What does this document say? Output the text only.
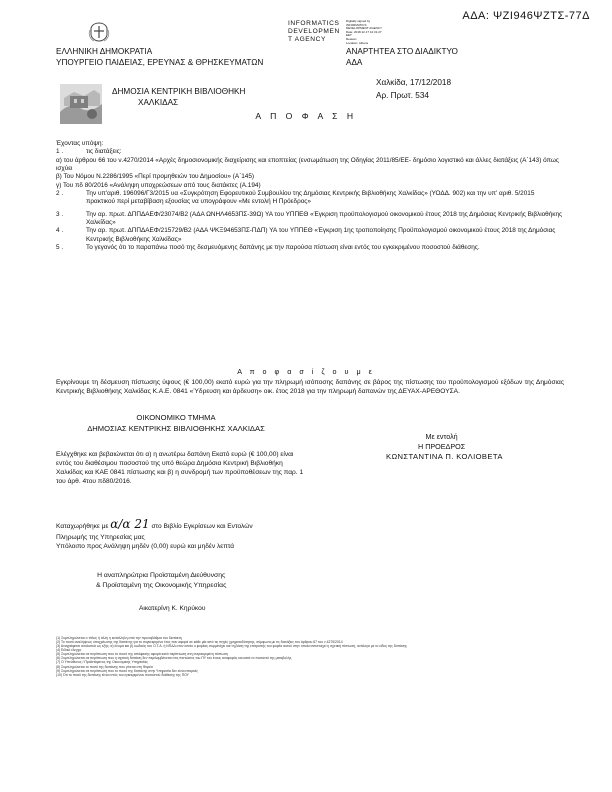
ΑΔΑ: ΨΖΙ946ΨΖΤΣ-77Δ
INFORMATICS
DEVELOPMEN
T AGENCY
Digitally signed by
INFORMATICS
DEVELOPMENT AGENCY
Date: 2018.12.17 12:31:27
EET
Reason:
Location: Athens
ΕΛΛΗΝΙΚΗ ΔΗΜΟΚΡΑΤΙΑ
ΥΠΟΥΡΓΕΙΟ ΠΑΙΔΕΙΑΣ, ΕΡΕΥΝΑΣ & ΘΡΗΣΚΕΥΜΑΤΩΝ
ΑΝΑΡΤΗΤΕΑ ΣΤΟ ΔΙΑΔΙΚΤΥΟ
ΑΔΑ
ΔΗΜΟΣΙΑ ΚΕΝΤΡΙΚΗ ΒΙΒΛΙΟΘΗΚΗ
ΧΑΛΚΙΔΑΣ
Χαλκίδα, 17/12/2018
Αρ. Πρωτ. 534
Α Π Ο Φ Α Σ Η

Έχοντας υπόψη:

1 .	τις διατάξεις:

α) του άρθρου 66 του ν.4270/2014 «Αρχές δημοσιονομικής διαχείρισης και εποπτείας (ενσωμάτωση της Οδηγίας 2011/85/ΕΕ- δημόσιο λογιστικό και άλλες διατάξεις (Α΄143) όπως ισχύει

β) Του Νόμου Ν.2286/1995 «Περί προμηθειών του Δημοσίου» (Α΄145)

γ) Του πδ 80/2016 «Ανάληψη υποχρεώσεων από τους διατάκτες (Α.194)

2 .	Την υπ'αριθ. 196096/Γ3/2015 υα «Συγκρότηση Εφορευτικού Συμβουλίου της Δημόσιας Κεντρικής Βιβλιοθήκης Χαλκίδας» (ΥΟΔΔ. 902) και την υπ' αριθ. 5/2015 πρακτικού περί μεταβίβαση εξουσίας να υπογράφουν «Με εντολή Η Πρόεδρος»
3 .	Την αρ. πρωτ. ΔΠΠΔΑΕΦ/23074/Β2 (ΑΔΑ ΩΝΗΛ4653ΠΣ-39Ω) ΥΑ του ΥΠΠΕΘ «Έγκριση προϋπολογισμού οικονομικού έτους 2018 της Δημόσιας Κεντρικής Βιβλιοθήκης Χαλκίδας»
4 .	Την αρ. πρωτ. ΔΠΠΔΑΕΦ/215729/Β2 (ΑΔΑ ΨΚΞ94653ΠΣ-ΠΔΠ) ΥΑ του ΥΠΠΕΘ «Έγκριση 1ης τροποποίησης Προϋπολογισμού οικονομικού έτους 2018 της Δημόσιας Κεντρικής Βιβλιοθήκης Χαλκίδας»
5 .	Το γεγονός ότι το παραπάνω ποσό της δεσμευόμενης δαπάνης με την παρούσα πίστωση είναι εντός του εγκεκριμένου ποσοστού διάθεσης.
Α π ο φ α σ ί ζ ο υ μ ε
Εγκρίνουμε τη δέσμευση πίστωσης ύψους (€ 100,00) εκατό ευρώ για την πληρωμή ισόποσης δαπάνης σε βάρος της πίστωσης του προϋπολογισμού εξόδων της Δημόσιας Κεντρικής Βιβλιοθήκης Χαλκίδας Κ.Α.Ε. 0841 «Ύδρευση και άρδευση» οικ. έτος 2018 για την πληρωμή δαπανών της ΔΕΥΑΧ-ΑΡΕΘΟΥΣΑ.
Με εντολή
Η ΠΡΟΕΔΡΟΣ
ΟΙΚΟΝΟΜΙΚΟ ΤΜΗΜΑ
ΔΗΜΟΣΙΑΣ ΚΕΝΤΡΙΚΗΣ ΒΙΒΛΙΟΘΗΚΗΣ ΧΑΛΚΙΔΑΣ
ΚΩΝΣΤΑΝΤΙΝΑ Π. ΚΟΛΙΟΒΕΤΑ
Ελέγχθηκε και βεβαιώνεται ότι α) η ανωτέρω δαπάνη Εκατό ευρώ (€ 100,00) είναι εντός του διαθέσιμου ποσοστού της υπό θεώρα Δημόσια Κεντρική Βιβλιοθήκη Χαλκίδας και ΚΑΕ 0841 πίστωσης και β) η συνδρομή των προϋποθέσεων της παρ. 1 του άρθ. 4του πδ80/2016.
Καταχωρήθηκε με α/α 21 στο Βιβλίο Εγκρίσεων και Εντολών
Πληρωμής της Υπηρεσίας μας
Υπόλοιπο προς Ανάληψη μηδέν (0,00) ευρώ και μηδέν λεπτά
Η αναπληρώτρια Προϊσταμένη Διεύθυνσης
& Προϊσταμένη της Οικονομικής Υπηρεσίας
Αικατερίνη Κ. Κηρύκου

(1) Συμπληρώνεται ο τίτλος ή άλλη η κατάλληλη από την πρωτοβάθμια του διατάκτη

(2) Το ποσό αναλήψεως υποχρέωσης της δαπάνης για το συγκεκριμένο έτος που αφορά σε κάθε μία από τις πηγές χρηματοδότησης, σύμφωνα με τις διατάξεις του άρθρου 67 του ν.4270/2014

(3) Αναγράφεται αναλυτικά ως εξής: α) όνομα και β) κωδικός του Ο.Τ.Α. ή ΝΠΔΔ στον οποίο ο φορέας συμμετέχει και τη βάση της επιτροπής του φορέα αυτού στην οποία αντιστοιχεί η σχετική πίστωση, ανάλογα με το είδος της δαπάνης

(4) Ειδικό έλεγχο

(5) Συμπληρώνεται σε περίπτωση που το ποσό της απόφασης αφορά κατά περίπτωση στη συγκεκριμένη πίστωση

(6) Συμπληρώνεται σε περίπτωση που η σχετική δαπάνη δεν περιλαμβάνεται στις πιστώσεις του ΠΥ του έτους αναφοράς και κατά το ποσοστό της μεταβολής

(7) Ο Υπεύθυνος / Προϊστάμενος της Οικονομικής Υπηρεσίας

(8) Συμπληρώνεται το ποσό της δαπάνης που γίνεται στη Φορέα

(9) Συμπληρώνεται σε περίπτωση που το ποσό της δαπάνης στην Υπηρεσία δεν είναι επαρκές

(10) Ότι το ποσό της δαπάνης είναι εντός του εγκεκριμένου ποσοστού διάθεσης της ΠΟΥ
